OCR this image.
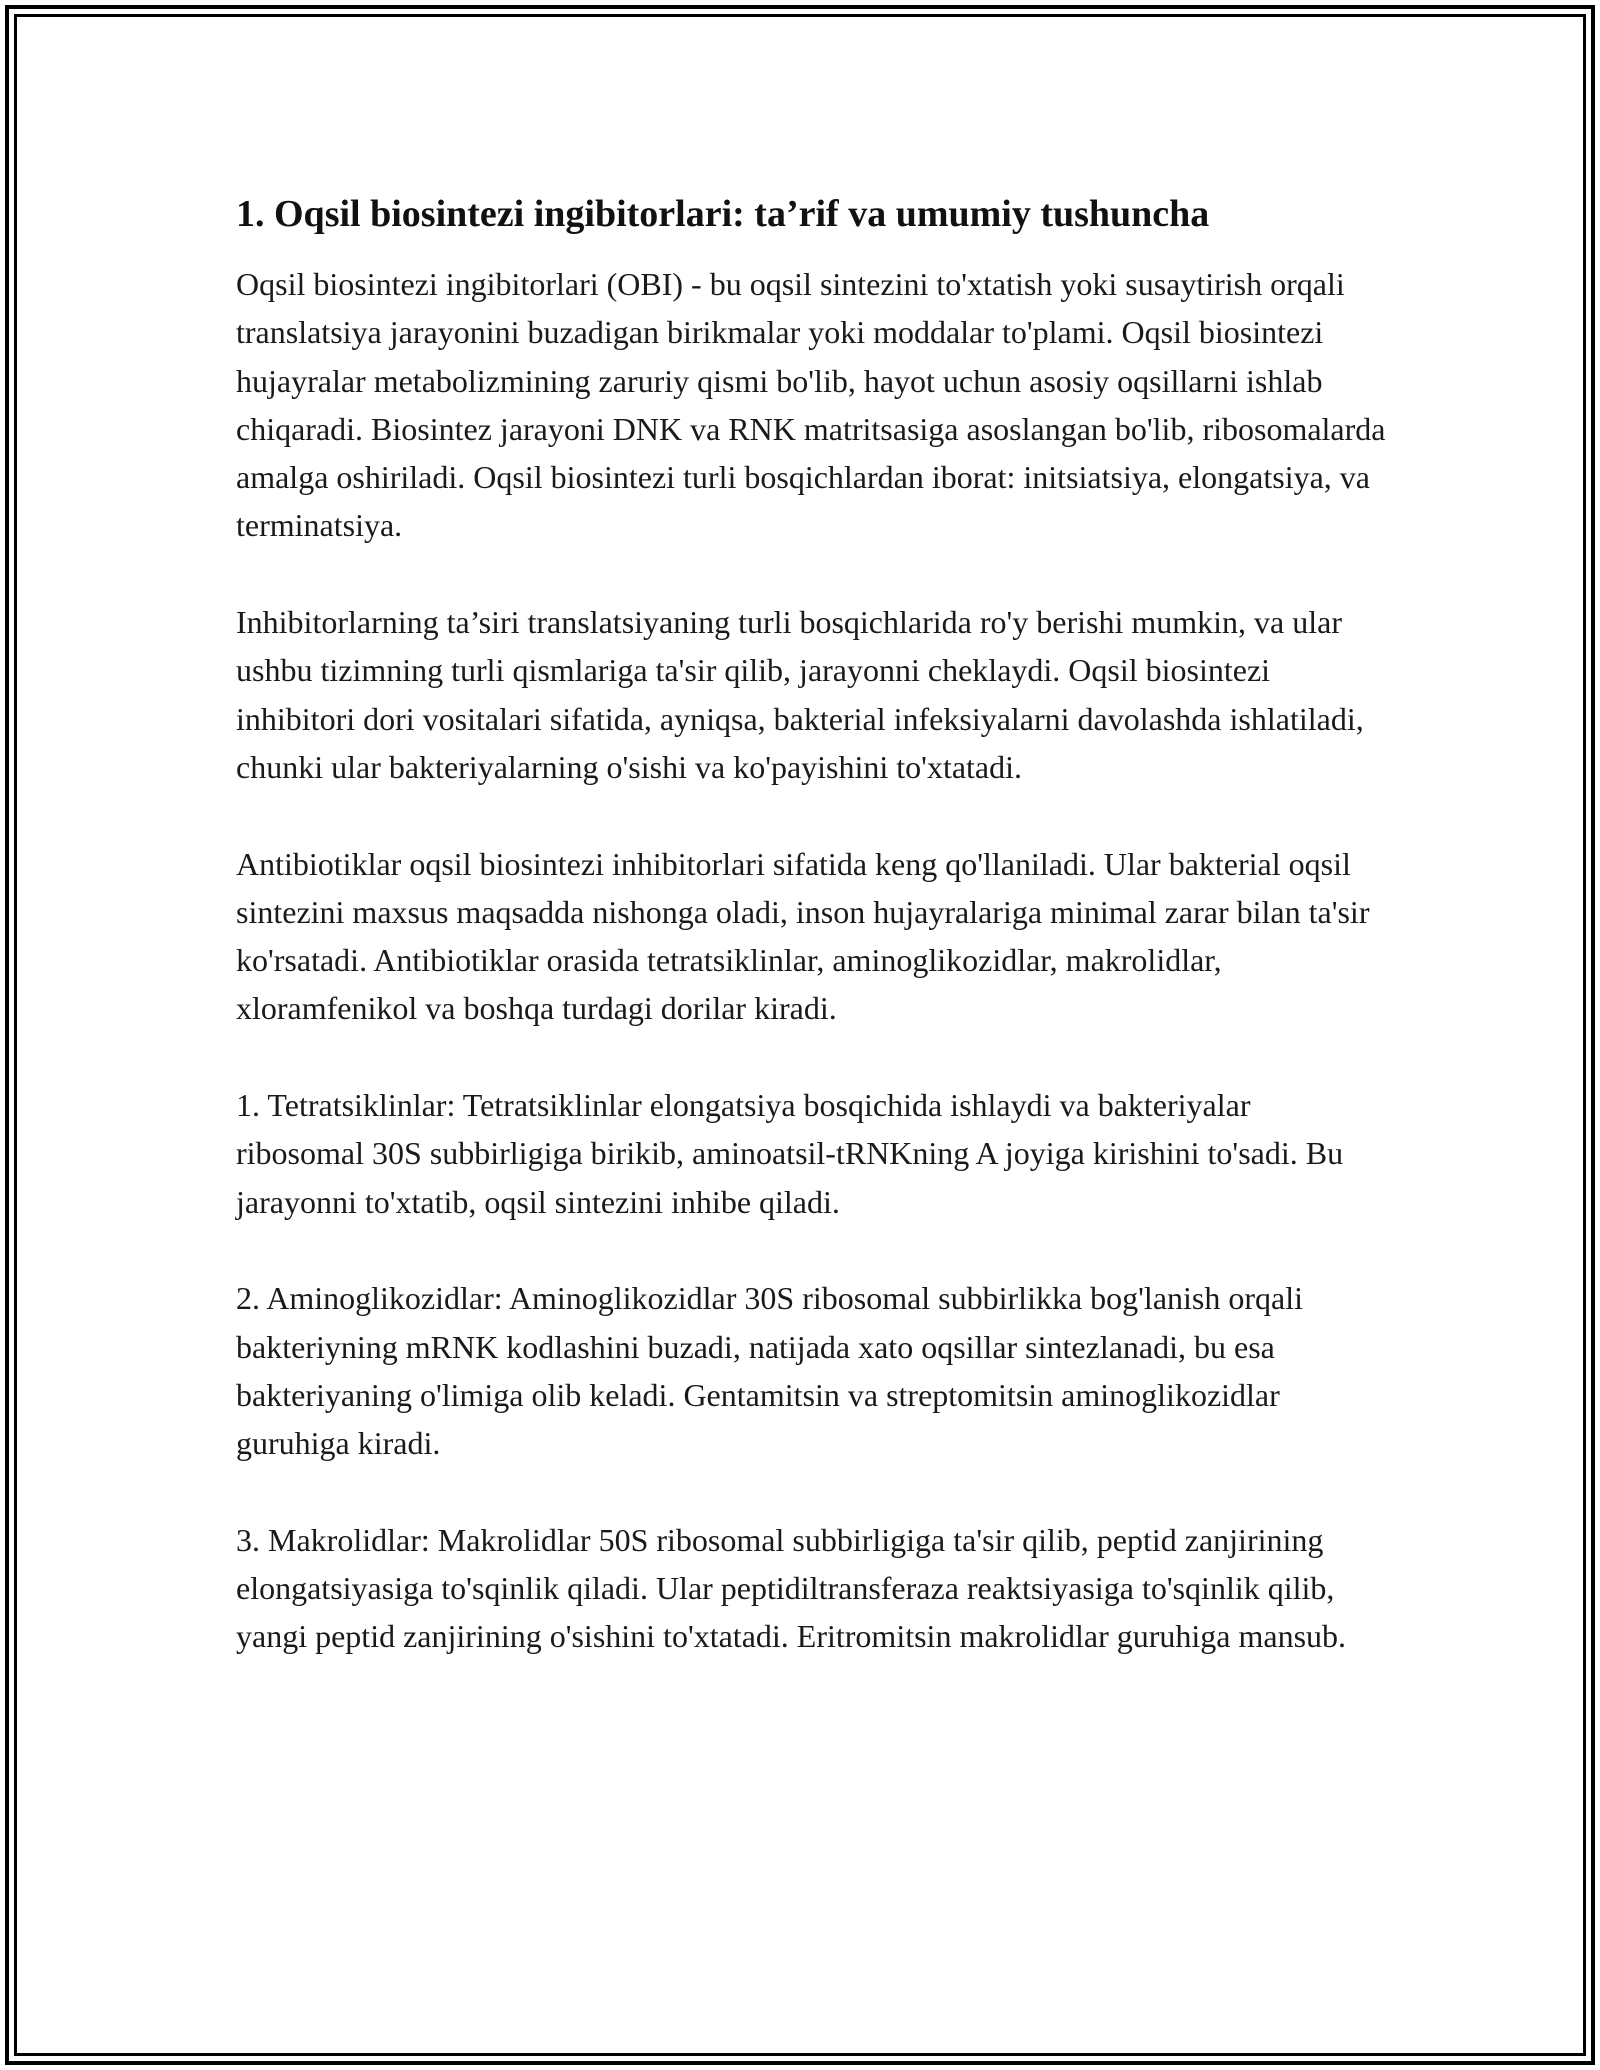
1. Oqsil biosintezi ingibitorlari: ta’rif va umumiy tushuncha

Oqsil biosintezi ingibitorlari (OBI) - bu oqsil sintezini to'xtatish yoki susaytirish orqali translatsiya jarayonini buzadigan birikmalar yoki moddalar to'plami. Oqsil biosintezi hujayralar metabolizmining zaruriy qismi bo'lib, hayot uchun asosiy oqsillarni ishlab chiqaradi. Biosintez jarayoni DNK va RNK matritsasiga asoslangan bo'lib, ribosomalarda amalga oshiriladi. Oqsil biosintezi turli bosqichlardan iborat: initsiatsiya, elongatsiya, va terminatsiya.

Inhibitorlarning ta’siri translatsiyaning turli bosqichlarida ro'y berishi mumkin, va ular ushbu tizimning turli qismlariga ta'sir qilib, jarayonni cheklaydi. Oqsil biosintezi inhibitori dori vositalari sifatida, ayniqsa, bakterial infeksiyalarni davolashda ishlatiladi, chunki ular bakteriyalarning o'sishi va ko'payishini to'xtatadi.

Antibiotiklar oqsil biosintezi inhibitorlari sifatida keng qo'llaniladi. Ular bakterial oqsil sintezini maxsus maqsadda nishonga oladi, inson hujayralariga minimal zarar bilan ta'sir ko'rsatadi. Antibiotiklar orasida tetratsiklinlar, aminoglikozidlar, makrolidlar, xloramfenikol va boshqa turdagi dorilar kiradi.

1. Tetratsiklinlar: Tetratsiklinlar elongatsiya bosqichida ishlaydi va bakteriyalar ribosomal 30S subbirligiga birikib, aminoatsil-tRNKning A joyiga kirishini to'sadi. Bu jarayonni to'xtatib, oqsil sintezini inhibe qiladi.

2. Aminoglikozidlar: Aminoglikozidlar 30S ribosomal subbirlikka bog'lanish orqali bakteriyning mRNK kodlashini buzadi, natijada xato oqsillar sintezlanadi, bu esa bakteriyaning o'limiga olib keladi. Gentamitsin va streptomitsin aminoglikozidlar guruhiga kiradi.

3. Makrolidlar: Makrolidlar 50S ribosomal subbirligiga ta'sir qilib, peptid zanjirining elongatsiyasiga to'sqinlik qiladi. Ular peptidiltransferaza reaktsiyasiga to'sqinlik qilib, yangi peptid zanjirining o'sishini to'xtatadi. Eritromitsin makrolidlar guruhiga mansub.
